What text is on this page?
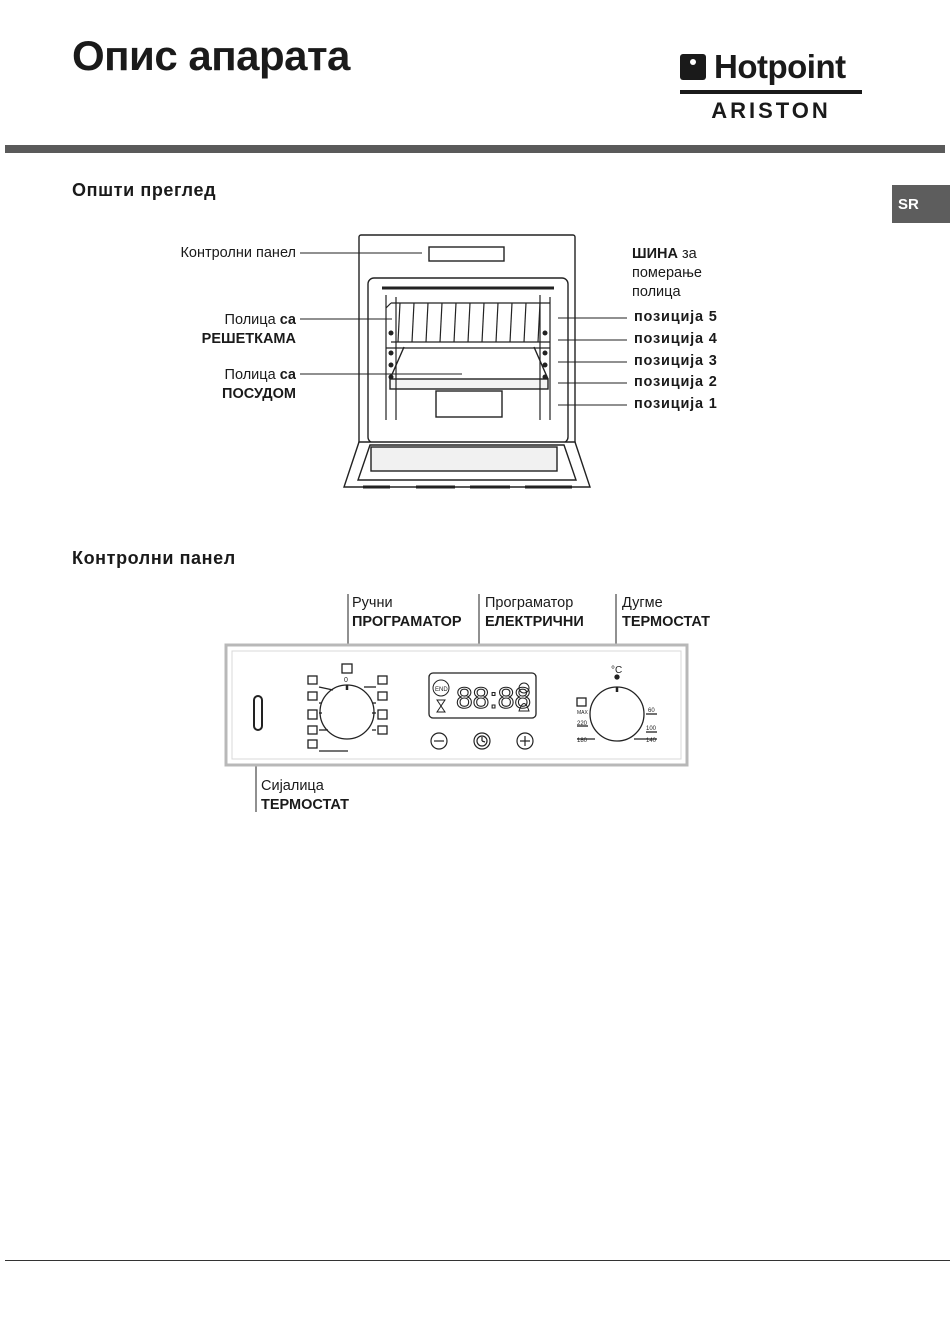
Опис апарата	Hotpoint
ARISTON
SR
Општи преглед
Контролни панел
Полица са
РЕШЕТКАМА
Полица са
ПОСУДОМ
ШИНА за
померање
полица
позиција 5
позиција 4
позиција 3
позиција 2
позиција 1
Контролни панел
Ручни
ПРОГРАМАТОР
Програматор
ЕЛЕКТРИЧНИ
Дугме
ТЕРМОСТАТ
Сијалица
ТЕРМОСТАТ
0
88:88
END
°C
MAX
220
180
60
100
140
